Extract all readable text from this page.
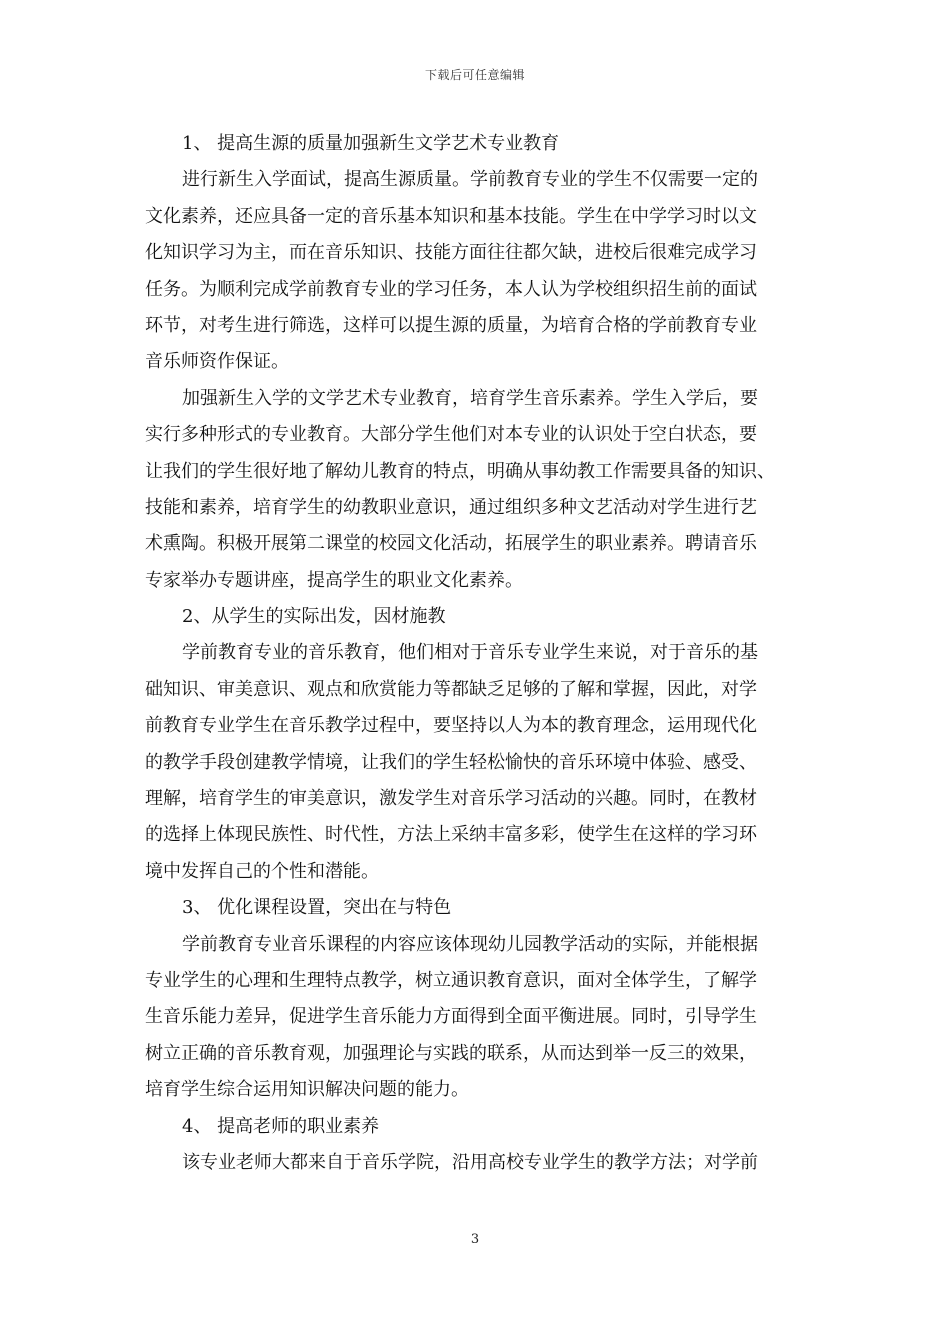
下载后可任意编辑
1、 提高生源的质量加强新生文学艺术专业教育
进行新生入学面试，提高生源质量。学前教育专业的学生不仅需要一定的
文化素养，还应具备一定的音乐基本知识和基本技能。学生在中学学习时以文
化知识学习为主，而在音乐知识、技能方面往往都欠缺，进校后很难完成学习
任务。为顺利完成学前教育专业的学习任务，本人认为学校组织招生前的面试
环节，对考生进行筛选，这样可以提生源的质量，为培育合格的学前教育专业
音乐师资作保证。
加强新生入学的文学艺术专业教育，培育学生音乐素养。学生入学后，要
实行多种形式的专业教育。大部分学生他们对本专业的认识处于空白状态，要
让我们的学生很好地了解幼儿教育的特点，明确从事幼教工作需要具备的知识、
技能和素养，培育学生的幼教职业意识，通过组织多种文艺活动对学生进行艺
术熏陶。积极开展第二课堂的校园文化活动，拓展学生的职业素养。聘请音乐
专家举办专题讲座，提高学生的职业文化素养。
2、从学生的实际出发，因材施教
学前教育专业的音乐教育，他们相对于音乐专业学生来说，对于音乐的基
础知识、审美意识、观点和欣赏能力等都缺乏足够的了解和掌握，因此，对学
前教育专业学生在音乐教学过程中，要坚持以人为本的教育理念，运用现代化
的教学手段创建教学情境，让我们的学生轻松愉快的音乐环境中体验、感受、
理解，培育学生的审美意识，激发学生对音乐学习活动的兴趣。同时，在教材
的选择上体现民族性、时代性，方法上采纳丰富多彩，使学生在这样的学习环
境中发挥自己的个性和潜能。
3、 优化课程设置，突出在与特色
学前教育专业音乐课程的内容应该体现幼儿园教学活动的实际，并能根据
专业学生的心理和生理特点教学，树立通识教育意识，面对全体学生，了解学
生音乐能力差异，促进学生音乐能力方面得到全面平衡进展。同时，引导学生
树立正确的音乐教育观，加强理论与实践的联系，从而达到举一反三的效果，
培育学生综合运用知识解决问题的能力。
4、 提高老师的职业素养
该专业老师大都来自于音乐学院，沿用高校专业学生的教学方法；对学前
3
